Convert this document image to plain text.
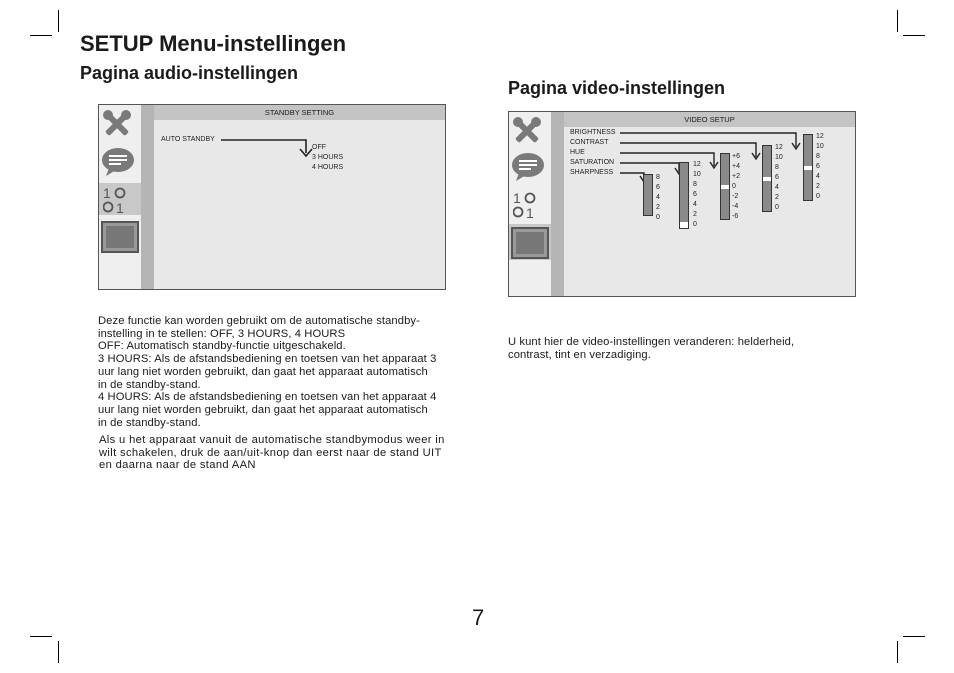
SETUP Menu-instellingen
Pagina audio-instellingen
Pagina video-instellingen
1
1
STANDBY SETTING
AUTO STANDBY
OFF
3 HOURS
4 HOURS
1
1
VIDEO SETUP
BRIGHTNESS
CONTRAST
HUE
SATURATION
SHARPNESS
8
6
4
2
0
12
10
8
6
4
2
0
+6
+4
+2
0
-2
-4
-6
12
10
8
6
4
2
0
12
10
8
6
4
2
0
Deze functie kan worden gebruikt om de automatische standby-
instelling in te stellen: OFF, 3 HOURS, 4 HOURS
OFF: Automatisch standby-functie uitgeschakeld.
3 HOURS: Als de afstandsbediening en toetsen van het apparaat 3
uur lang niet worden gebruikt, dan gaat het apparaat automatisch
in de standby-stand.
4 HOURS: Als de afstandsbediening en toetsen van het apparaat 4
uur lang niet worden gebruikt, dan gaat het apparaat automatisch
in de standby-stand.
Als u het apparaat vanuit de automatische standbymodus weer in
wilt schakelen, druk de aan/uit-knop dan eerst naar de stand UIT
en daarna naar de stand AAN
U kunt hier de video-instellingen veranderen: helderheid,
contrast, tint en verzadiging.
7
